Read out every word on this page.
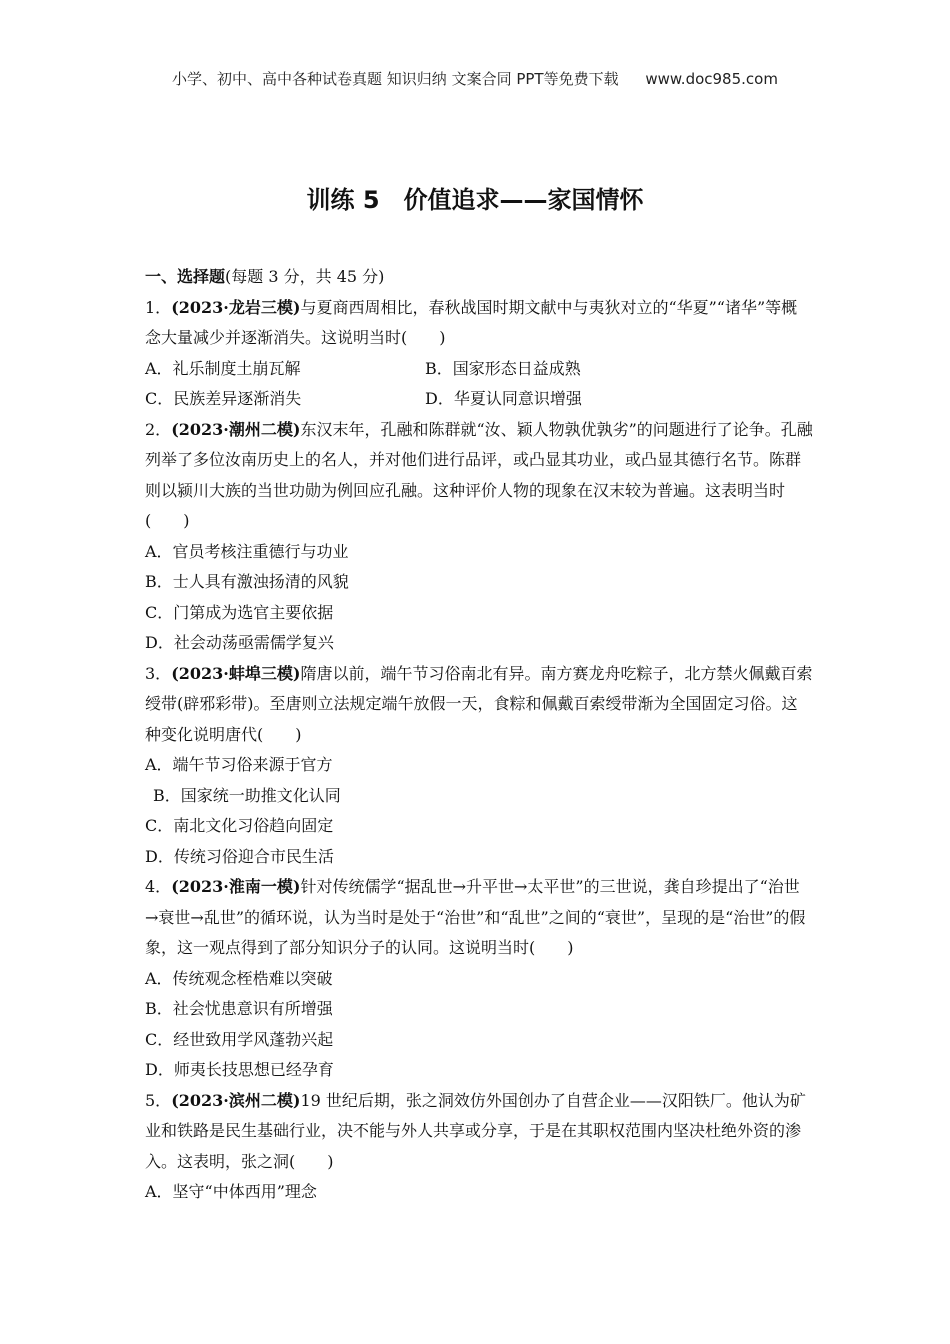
小学、初中、高中各种试卷真题 知识归纳 文案合同 PPT等免费下载 www.doc985.com
训练 5　价值追求——家国情怀

一、选择题(每题 3 分，共 45 分)

1．(2023·龙岩三模)与夏商西周相比，春秋战国时期文献中与夷狄对立的“华夏”“诸华”等概念大量减少并逐渐消失。这说明当时(　　)

A．礼乐制度土崩瓦解	B．国家形态日益成熟
C．民族差异逐渐消失	D．华夏认同意识增强

2．(2023·潮州二模)东汉末年，孔融和陈群就“汝、颖人物孰优孰劣”的问题进行了论争。孔融列举了多位汝南历史上的名人，并对他们进行品评，或凸显其功业，或凸显其德行名节。陈群则以颍川大族的当世功勋为例回应孔融。这种评价人物的现象在汉末较为普遍。这表明当时(　　)

A．官员考核注重德行与功业

B．士人具有激浊扬清的风貌

C．门第成为选官主要依据

D．社会动荡亟需儒学复兴

3．(2023·蚌埠三模)隋唐以前，端午节习俗南北有异。南方赛龙舟吃粽子，北方禁火佩戴百索绶带(辟邪彩带)。至唐则立法规定端午放假一天，食粽和佩戴百索绶带渐为全国固定习俗。这种变化说明唐代(　　)

A．端午节习俗来源于官方

B．国家统一助推文化认同

C．南北文化习俗趋向固定

D．传统习俗迎合市民生活

4．(2023·淮南一模)针对传统儒学“据乱世→升平世→太平世”的三世说，龚自珍提出了“治世→衰世→乱世”的循环说，认为当时是处于“治世”和“乱世”之间的“衰世”，呈现的是“治世”的假象，这一观点得到了部分知识分子的认同。这说明当时(　　)

A．传统观念桎梏难以突破

B．社会忧患意识有所增强

C．经世致用学风蓬勃兴起

D．师夷长技思想已经孕育

5．(2023·滨州二模)19 世纪后期，张之洞效仿外国创办了自营企业——汉阳铁厂。他认为矿业和铁路是民生基础行业，决不能与外人共享或分享，于是在其职权范围内坚决杜绝外资的渗入。这表明，张之洞(　　)

A．坚守“中体西用”理念
